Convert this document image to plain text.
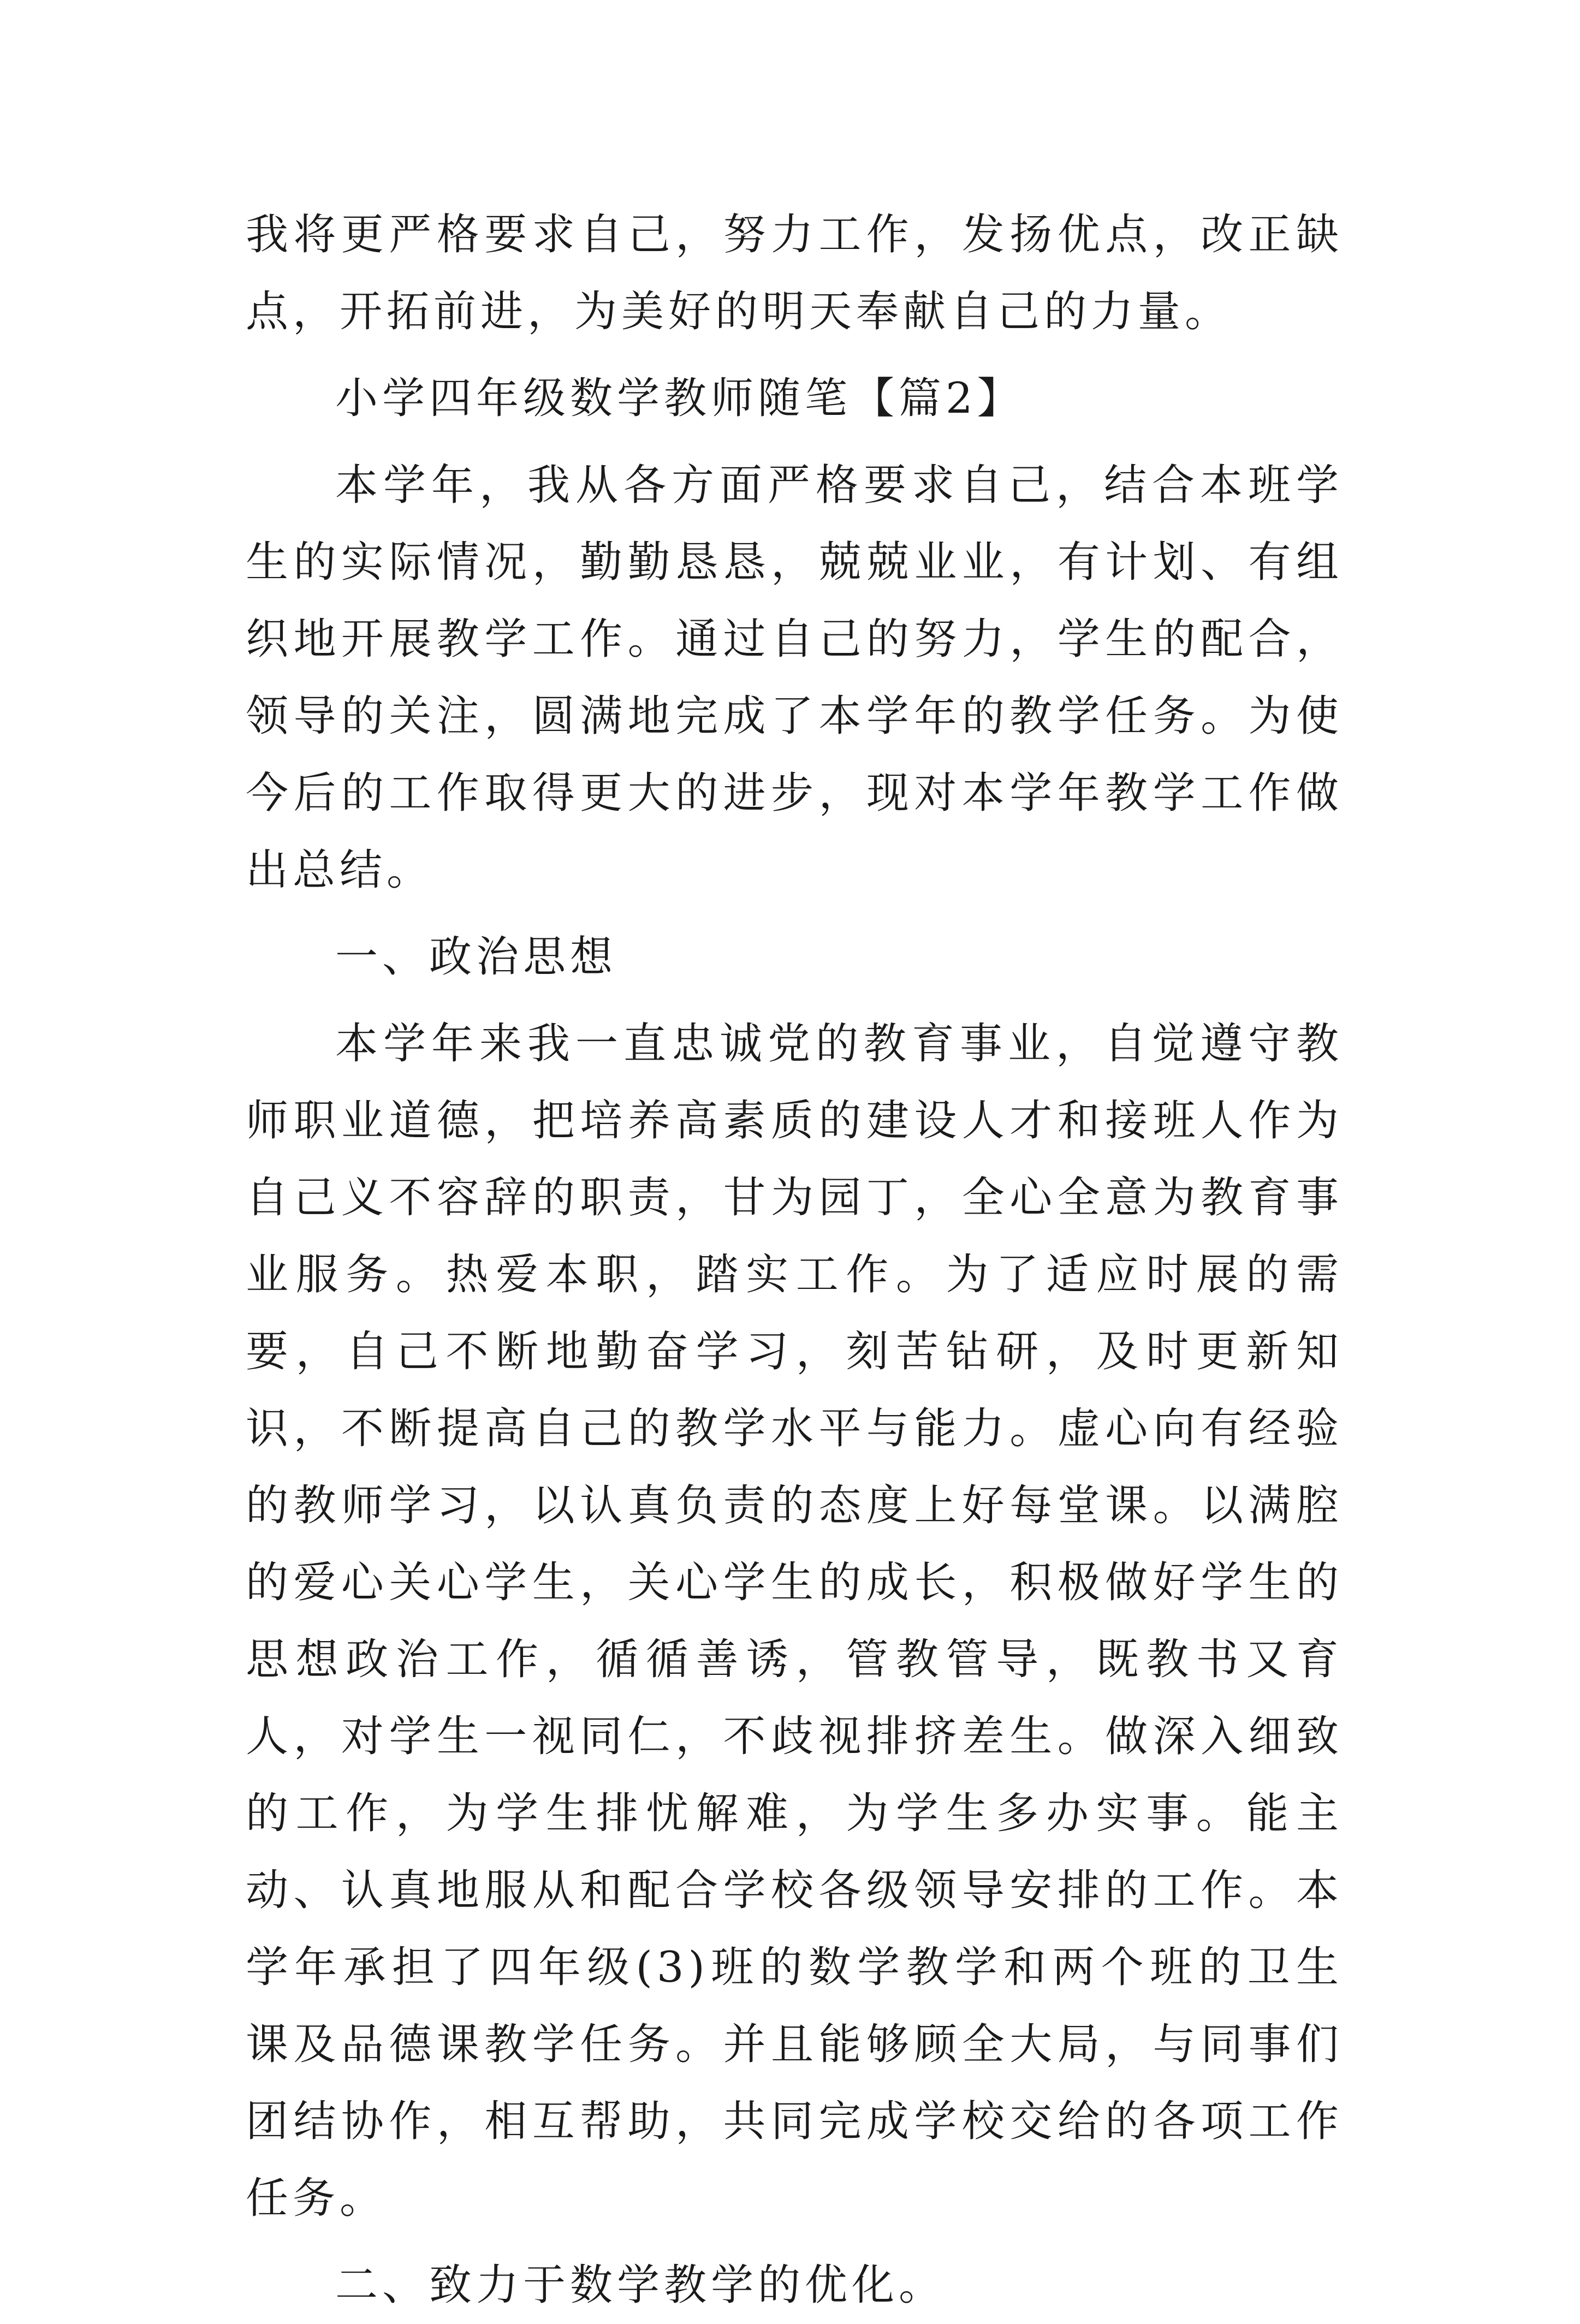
我将更严格要求自己，努力工作，发扬优点，改正缺点，开拓前进，为美好的明天奉献自己的力量。

小学四年级数学教师随笔【篇2】

本学年，我从各方面严格要求自己，结合本班学生的实际情况，勤勤恳恳，兢兢业业，有计划、有组织地开展教学工作。通过自己的努力，学生的配合，领导的关注，圆满地完成了本学年的教学任务。为使今后的工作取得更大的进步，现对本学年教学工作做出总结。

一、政治思想

本学年来我一直忠诚党的教育事业，自觉遵守教师职业道德，把培养高素质的建设人才和接班人作为自己义不容辞的职责，甘为园丁，全心全意为教育事业服务。热爱本职，踏实工作。为了适应时展的需要，自己不断地勤奋学习，刻苦钻研，及时更新知识，不断提高自己的教学水平与能力。虚心向有经验的教师学习，以认真负责的态度上好每堂课。以满腔的爱心关心学生，关心学生的成长，积极做好学生的思想政治工作，循循善诱，管教管导，既教书又育人，对学生一视同仁，不歧视排挤差生。做深入细致的工作，为学生排忧解难，为学生多办实事。能主动、认真地服从和配合学校各级领导安排的工作。本学年承担了四年级(3)班的数学教学和两个班的卫生课及品德课教学任务。并且能够顾全大局，与同事们团结协作，相互帮助，共同完成学校交给的各项工作任务。

二、致力于数学教学的优化。
